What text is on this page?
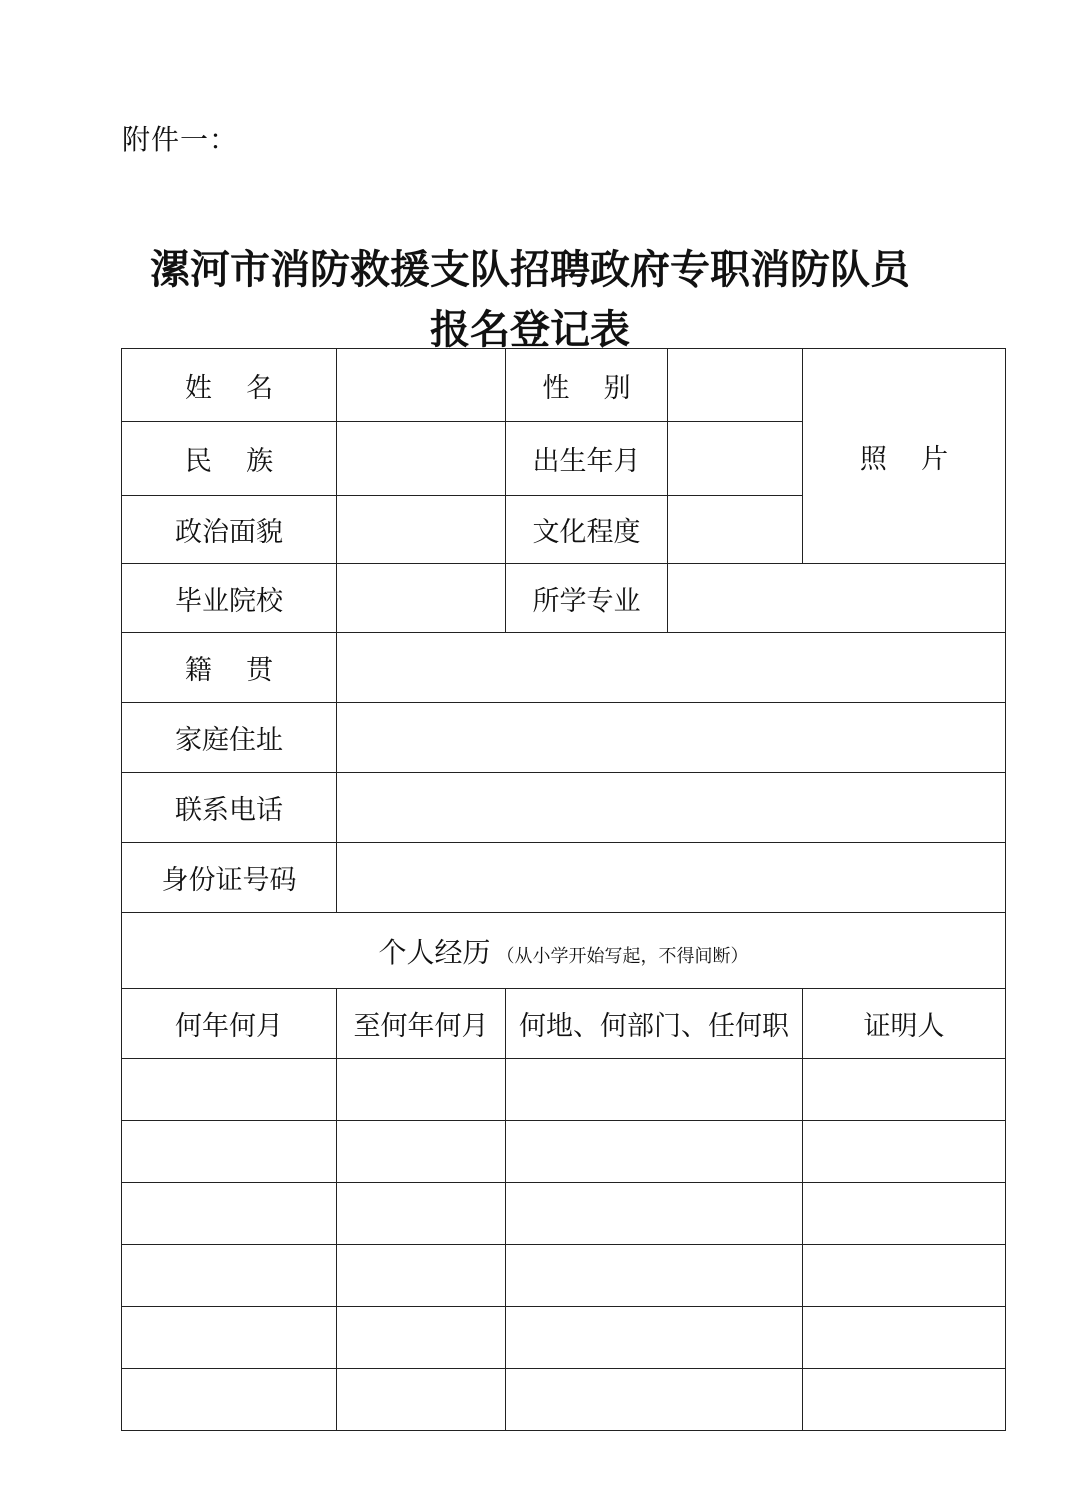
附件一：
漯河市消防救援支队招聘政府专职消防队员
报名登记表
姓    名		性    别		照    片
民    族		出生年月		
政治面貌		文化程度		
毕业院校		所学专业		
籍    贯				
家庭住址				
联系电话				
身份证号码				
个人经历 （从小学开始写起，不得间断）				
何年何月	至何年何月	何地、何部门、任何职		证明人
